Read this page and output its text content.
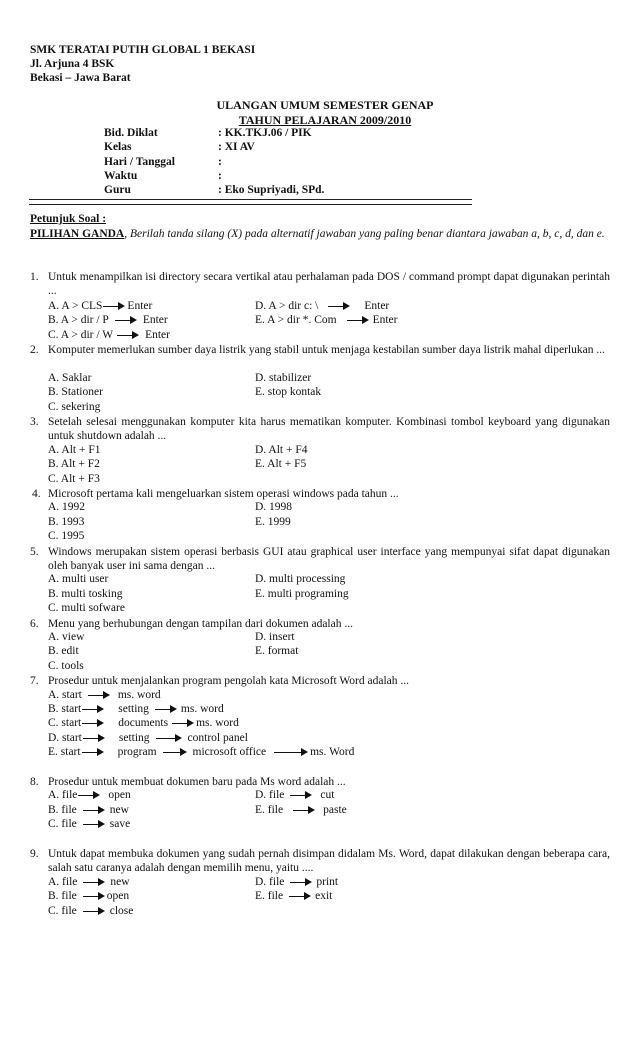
SMK TERATAI PUTIH GLOBAL 1 BEKASI
Jl. Arjuna 4 BSK
Bekasi – Jawa Barat
ULANGAN UMUM SEMESTER GENAP
TAHUN PELAJARAN 2009/2010
Bid. Diklat	: KK.TKJ.06 / PIK
Kelas	: XI AV
Hari / Tanggal	:
Waktu	:
Guru	: Eko Supriyadi, SPd.
Petunjuk Soal :
PILIHAN GANDA, Berilah tanda silang (X) pada alternatif jawaban yang paling benar diantara jawaban a, b, c, d, dan e.
1. Untuk menampilkan isi directory secara vertikal atau perhalaman pada DOS / command prompt dapat digunakan perintah ...
A. A > CLS Enter
B. A > dir / P	Enter
C. A > dir / W	Enter
D. A > dir c: \	Enter
E. A > dir *. Com	Enter
2. Komputer memerlukan sumber daya listrik yang stabil untuk menjaga kestabilan sumber daya listrik mahal diperlukan ...
A. Saklar
B. Stationer
C. sekering
D. stabilizer
E. stop kontak
3. Setelah selesai menggunakan komputer kita harus mematikan komputer. Kombinasi tombol keyboard yang digunakan untuk shutdown adalah ...
A. Alt + F1
B. Alt + F2
C. Alt + F3
D. Alt + F4
E. Alt + F5
4. Microsoft pertama kali mengeluarkan sistem operasi windows pada tahun ...
A. 1992
B. 1993
C. 1995
D. 1998
E. 1999
5. Windows merupakan sistem operasi berbasis GUI atau graphical user interface yang mempunyai sifat dapat digunakan oleh banyak user ini sama dengan ...
A. multi user
B. multi tosking
C. multi sofware
D. multi processing
E. multi programing
6. Menu yang berhubungan dengan tampilan dari dokumen adalah ...
A. view
B. edit
C. tools
D. insert
E. format
7. Prosedur untuk menjalankan program pengolah kata Microsoft Word adalah ...
A. start	ms. word
B. start	setting	ms. word
C. start	documents ms. word
D. start	setting	control panel
E. start	program	microsoft office	ms. Word
8. Prosedur untuk membuat dokumen baru pada Ms word adalah ...
A. file	open
B. file	new
C. file	save
D. file	cut
E. file	paste
9. Untuk dapat membuka dokumen yang sudah pernah disimpan didalam Ms. Word, dapat dilakukan dengan beberapa cara, salah satu caranya adalah dengan memilih menu, yaitu ....
A. file	new
B. file	open
C. file	close
D. file	print
E. file	exit
